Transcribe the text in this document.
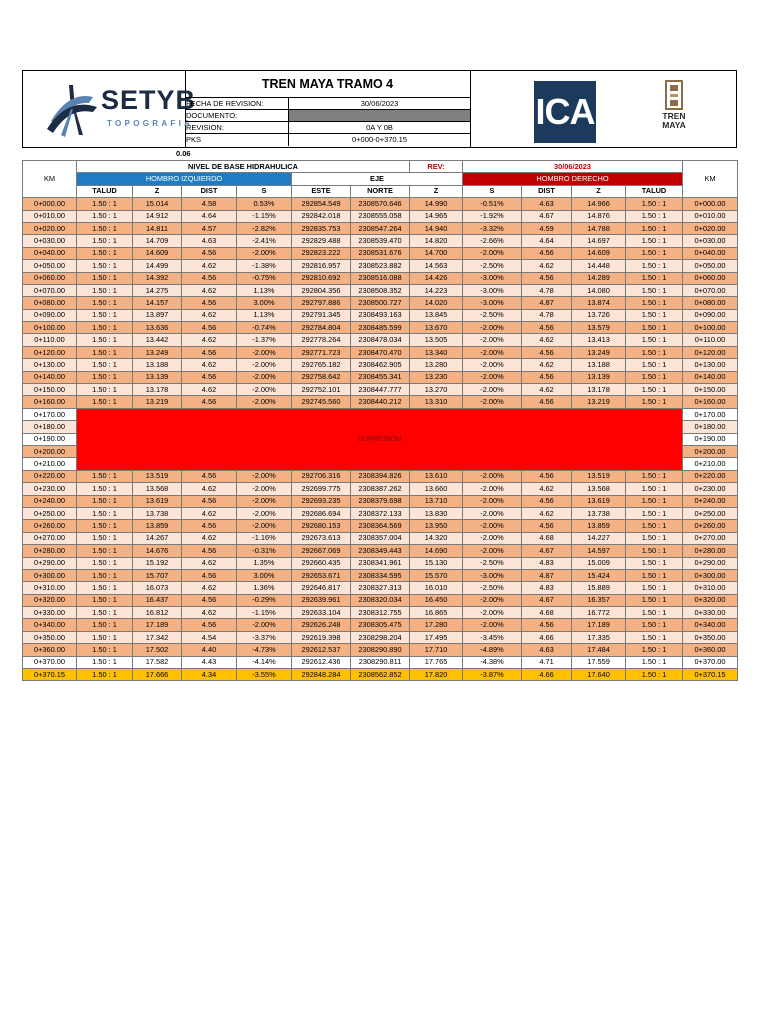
SETYB
TOPOGRAFIA
TREN MAYA TRAMO 4
FECHA DE REVISION:	30/06/2023
DOCUMENTO:
REVISION:	0A Y 0B
PKS	0+000-0+370.15
ICA	TREN
MAYA
0.06
KM	NIVEL DE BASE HIDRAHULICA						REV:	30/06/2023				KM
	HOMBRO IZQUIERDO				EJE			HOMBRO DERECHO				
	TALUD	Z	DIST	S	ESTE	NORTE	Z	S	DIST	Z	TALUD	
0+000.00	1.50 : 1	15.014	4.58	0.53%	292854.549	2308570.646	14.990	-0.51%	4.63	14.966	1.50 : 1	0+000.00
0+010.00	1.50 : 1	14.912	4.64	-1.15%	292842.018	2308555.058	14.965	-1.92%	4.67	14.876	1.50 : 1	0+010.00
0+020.00	1.50 : 1	14.811	4.57	-2.82%	292835.753	2308547.264	14.940	-3.32%	4.59	14.788	1.50 : 1	0+020.00
0+030.00	1.50 : 1	14.709	4.63	-2.41%	292829.488	2308539.470	14.820	-2.66%	4.64	14.697	1.50 : 1	0+030.00
0+040.00	1.50 : 1	14.609	4.56	-2.00%	292823.222	2308531.676	14.700	-2.00%	4.56	14.609	1.50 : 1	0+040.00
0+050.00	1.50 : 1	14.499	4.62	-1.38%	292816.957	2308523.882	14.563	-2.50%	4.62	14.448	1.50 : 1	0+050.00
0+060.00	1.50 : 1	14.392	4.56	-0.75%	292810.692	2308516.088	14.426	-3.00%	4.56	14.289	1.50 : 1	0+060.00
0+070.00	1.50 : 1	14.275	4.62	1.13%	292804.356	2308508.352	14.223	-3.00%	4.78	14.080	1.50 : 1	0+070.00
0+080.00	1.50 : 1	14.157	4.56	3.00%	292797.886	2308500.727	14.020	-3.00%	4.87	13.874	1.50 : 1	0+080.00
0+090.00	1.50 : 1	13.897	4.62	1.13%	292791.345	2308493.163	13.845	-2.50%	4.78	13.726	1.50 : 1	0+090.00
0+100.00	1.50 : 1	13.636	4.56	-0.74%	292784.804	2308485.599	13.670	-2.00%	4.56	13.579	1.50 : 1	0+100.00
0+110.00	1.50 : 1	13.442	4.62	-1.37%	292778.264	2308478.034	13.505	-2.00%	4.62	13.413	1.50 : 1	0+110.00
0+120.00	1.50 : 1	13.249	4.56	-2.00%	292771.723	2308470.470	13.340	-2.00%	4.56	13.249	1.50 : 1	0+120.00
0+130.00	1.50 : 1	13.188	4.62	-2.00%	292765.182	2308462.905	13.280	-2.00%	4.62	13.188	1.50 : 1	0+130.00
0+140.00	1.50 : 1	13.139	4.56	-2.00%	292758.642	2308455.341	13.230	-2.00%	4.56	13.139	1.50 : 1	0+140.00
0+150.00	1.50 : 1	13.178	4.62	-2.00%	292752.101	2308447.777	13.270	-2.00%	4.62	13.178	1.50 : 1	0+150.00
0+160.00	1.50 : 1	13.219	4.56	-2.00%	292745.560	2308440.212	13.310	-2.00%	4.56	13.219	1.50 : 1	0+160.00
0+170.00	SUPRESION											0+170.00
0+180.00												0+180.00
0+190.00												0+190.00
0+200.00												0+200.00
0+210.00												0+210.00
0+220.00	1.50 : 1	13.519	4.56	-2.00%	292706.316	2308394.826	13.610	-2.00%	4.56	13.519	1.50 : 1	0+220.00
0+230.00	1.50 : 1	13.568	4.62	-2.00%	292699.775	2308387.262	13.660	-2.00%	4.62	13.568	1.50 : 1	0+230.00
0+240.00	1.50 : 1	13.619	4.56	-2.00%	292693.235	2308379.698	13.710	-2.00%	4.56	13.619	1.50 : 1	0+240.00
0+250.00	1.50 : 1	13.738	4.62	-2.00%	292686.694	2308372.133	13.830	-2.00%	4.62	13.738	1.50 : 1	0+250.00
0+260.00	1.50 : 1	13.859	4.56	-2.00%	292680.153	2308364.569	13.950	-2.00%	4.56	13.859	1.50 : 1	0+260.00
0+270.00	1.50 : 1	14.267	4.62	-1.16%	292673.613	2308357.004	14.320	-2.00%	4.68	14.227	1.50 : 1	0+270.00
0+280.00	1.50 : 1	14.676	4.56	-0.31%	292667.069	2308349.443	14.690	-2.00%	4.67	14.597	1.50 : 1	0+280.00
0+290.00	1.50 : 1	15.192	4.62	1.35%	292660.435	2308341.961	15.130	-2.50%	4.83	15.009	1.50 : 1	0+290.00
0+300.00	1.50 : 1	15.707	4.56	3.00%	292653.671	2308334.595	15.570	-3.00%	4.87	15.424	1.50 : 1	0+300.00
0+310.00	1.50 : 1	16.073	4.62	1.36%	292646.817	2308327.313	16.010	-2.50%	4.83	15.889	1.50 : 1	0+310.00
0+320.00	1.50 : 1	16.437	4.56	-0.29%	292639.961	2308320.034	16.450	-2.00%	4.67	16.357	1.50 : 1	0+320.00
0+330.00	1.50 : 1	16.812	4.62	-1.15%	292633.104	2308312.755	16.865	-2.00%	4.68	16.772	1.50 : 1	0+330.00
0+340.00	1.50 : 1	17.189	4.56	-2.00%	292626.248	2308305.475	17.280	-2.00%	4.56	17.189	1.50 : 1	0+340.00
0+350.00	1.50 : 1	17.342	4.54	-3.37%	292619.398	2308298.204	17.495	-3.45%	4.66	17.335	1.50 : 1	0+350.00
0+360.00	1.50 : 1	17.502	4.40	-4.73%	292612.537	2308290.890	17.710	-4.89%	4.63	17.484	1.50 : 1	0+360.00
0+370.00	1.50 : 1	17.582	4.43	-4.14%	292612.436	2308290.811	17.765	-4.38%	4.71	17.559	1.50 : 1	0+370.00
0+370.15	1.50 : 1	17.666	4.34	-3.55%	292848.284	2308562.852	17.820	-3.87%	4.66	17.640	1.50 : 1	0+370.15
